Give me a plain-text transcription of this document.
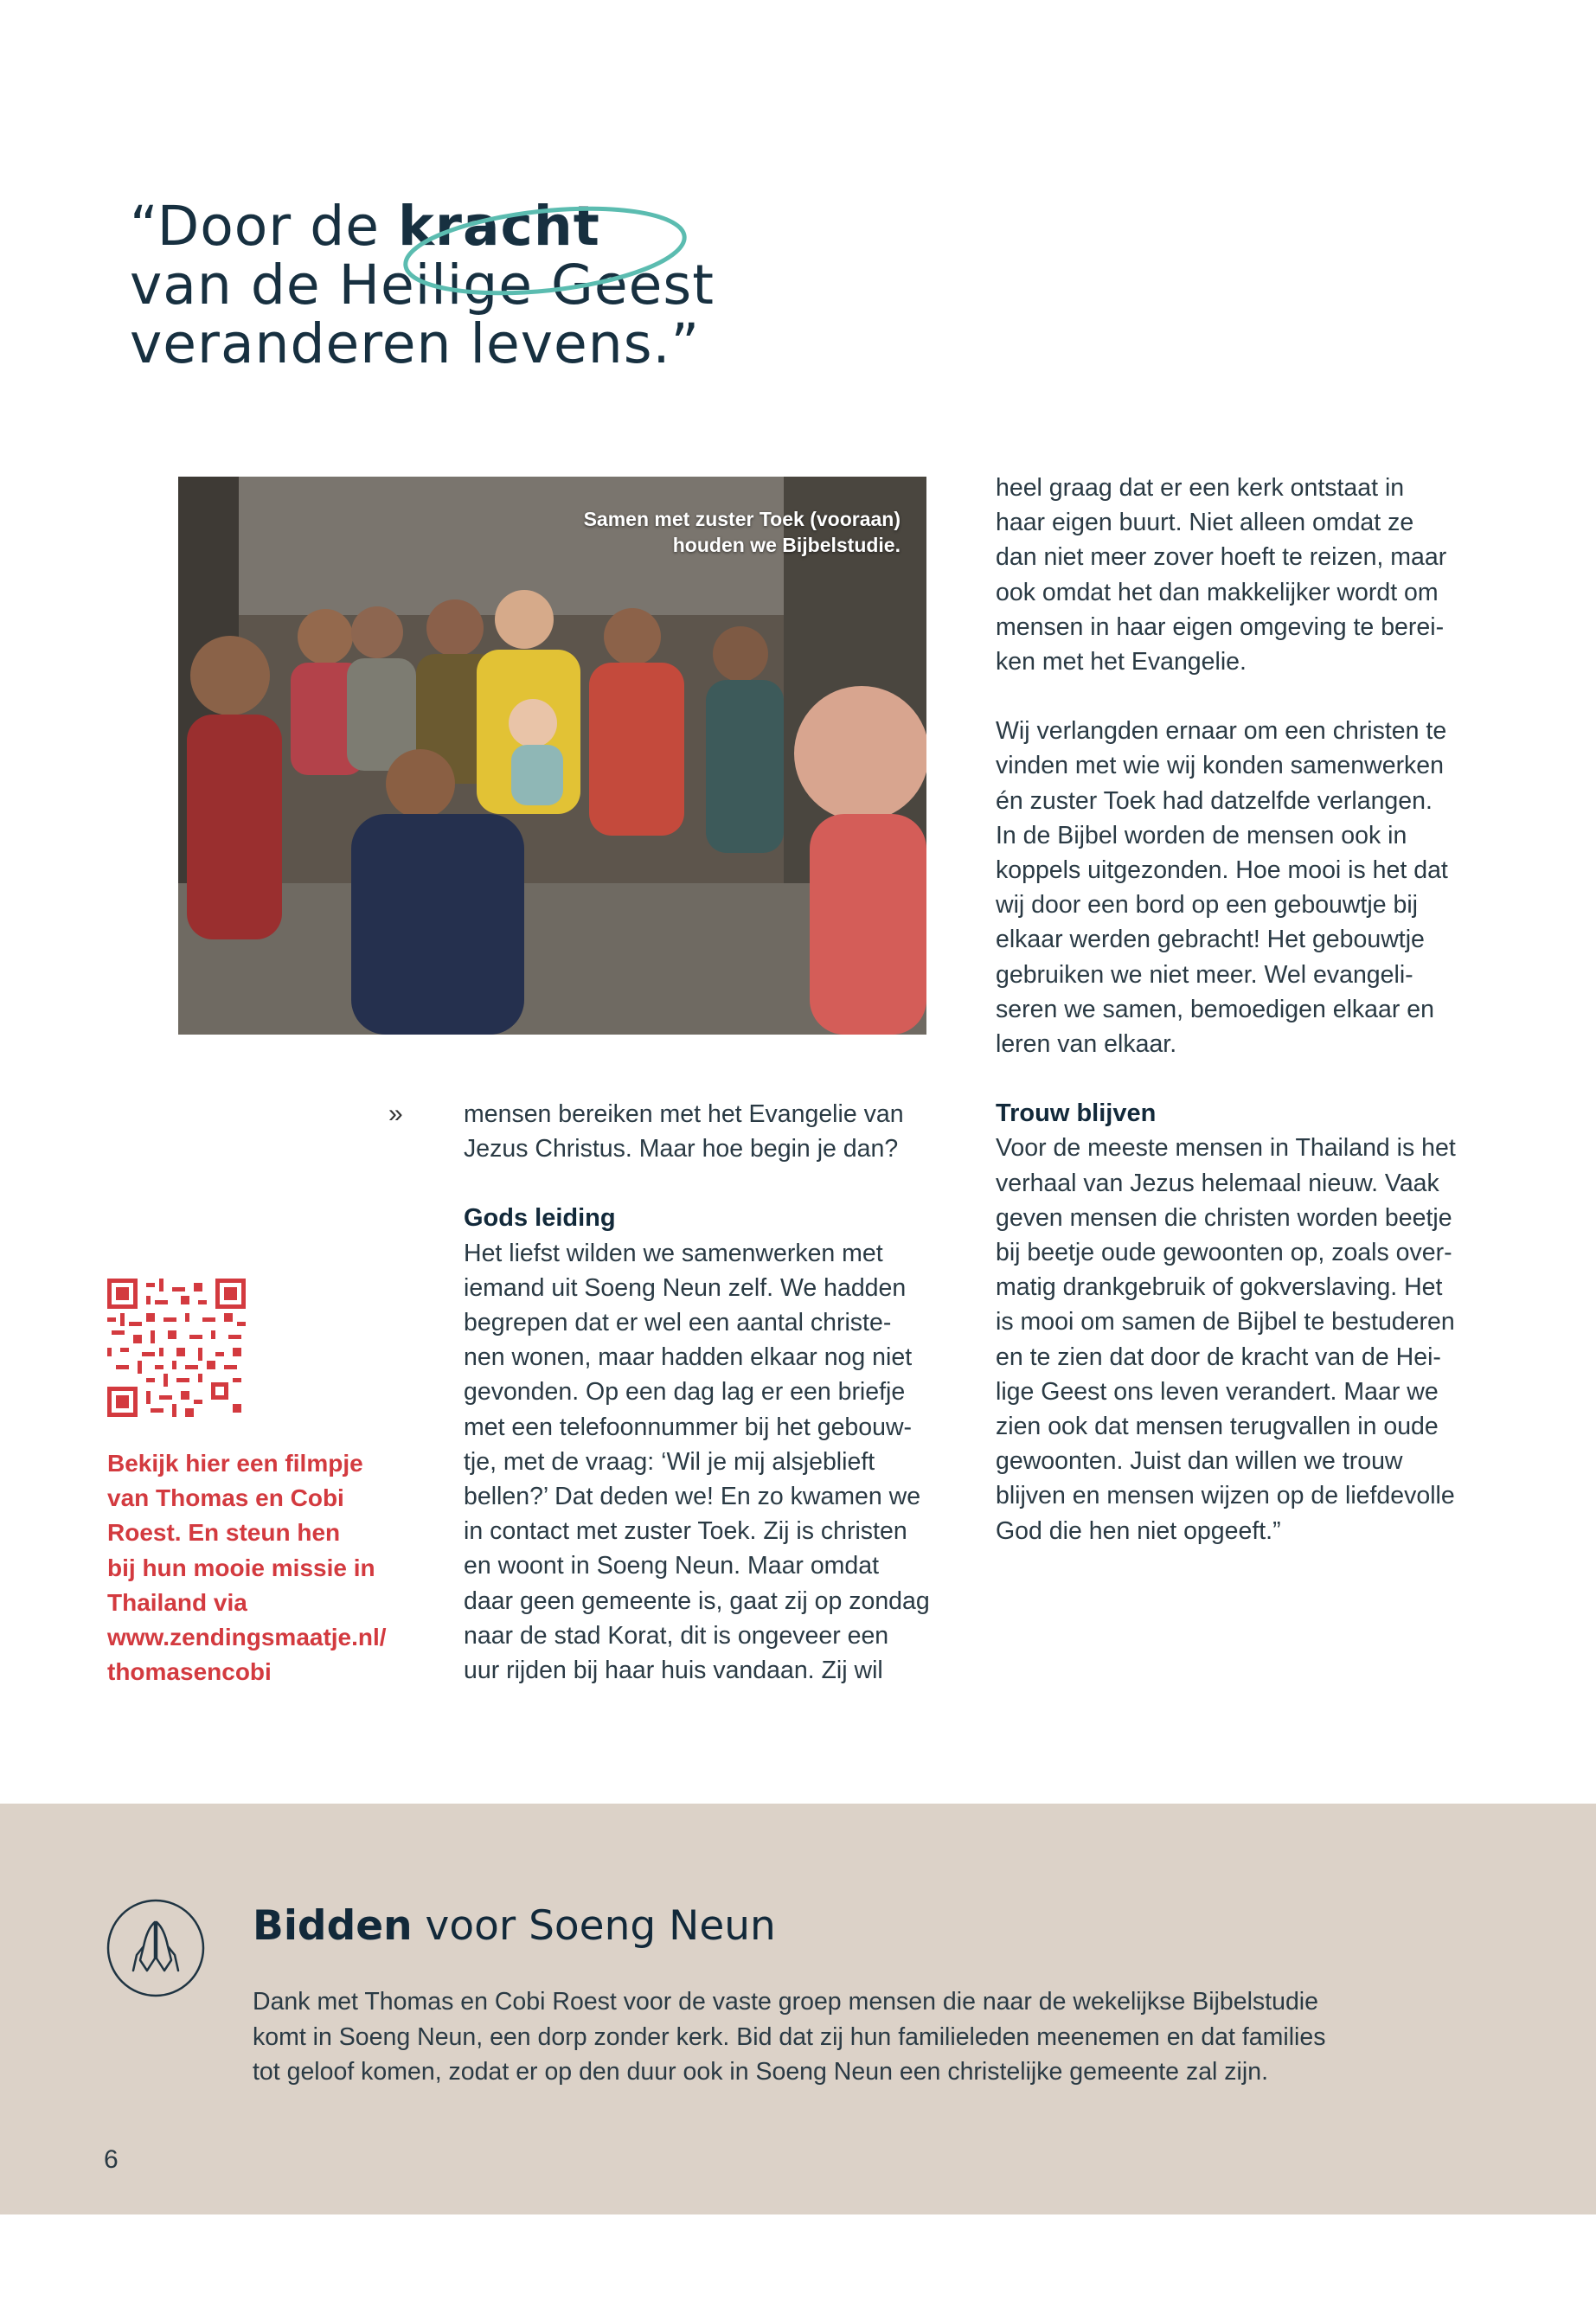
“Door de kracht
van de Heilige Geest
veranderen levens.”
Samen met zuster Toek (vooraan)
houden we Bijbelstudie.
»
Bekijk hier een filmpje
van Thomas en Cobi
Roest. En steun hen
bij hun mooie missie in
Thailand via
www.zendingsmaatje.nl/
thomasencobi

mensen bereiken met het Evangelie van

Jezus Christus. Maar hoe begin je dan?

Gods leiding

Het liefst wilden we samenwerken met

iemand uit Soeng Neun zelf. We hadden

begrepen dat er wel een aantal christe-

nen wonen, maar hadden elkaar nog niet

gevonden. Op een dag lag er een briefje

met een telefoonnummer bij het gebouw-

tje, met de vraag: ‘Wil je mij alsjeblieft

bellen?’ Dat deden we! En zo kwamen we

in contact met zuster Toek. Zij is christen

en woont in Soeng Neun. Maar omdat

daar geen gemeente is, gaat zij op zondag

naar de stad Korat, dit is ongeveer een

uur rijden bij haar huis vandaan. Zij wil

heel graag dat er een kerk ontstaat in

haar eigen buurt. Niet alleen omdat ze

dan niet meer zover hoeft te reizen, maar

ook omdat het dan makkelijker wordt om

mensen in haar eigen omgeving te berei-

ken met het Evangelie.

Wij verlangden ernaar om een christen te

vinden met wie wij konden samenwerken

én zuster Toek had datzelfde verlangen.

In de Bijbel worden de mensen ook in

koppels uitgezonden. Hoe mooi is het dat

wij door een bord op een gebouwtje bij

elkaar werden gebracht! Het gebouwtje

gebruiken we niet meer. Wel evangeli-

seren we samen, bemoedigen elkaar en

leren van elkaar.

Trouw blijven

Voor de meeste mensen in Thailand is het

verhaal van Jezus helemaal nieuw. Vaak

geven mensen die christen worden beetje

bij beetje oude gewoonten op, zoals over-

matig drankgebruik of gokverslaving. Het

is mooi om samen de Bijbel te bestuderen

en te zien dat door de kracht van de Hei-

lige Geest ons leven verandert. Maar we

zien ook dat mensen terugvallen in oude

gewoonten. Juist dan willen we trouw

blijven en mensen wijzen op de liefdevolle

God die hen niet opgeeft.”

Bidden voor Soeng Neun
Dank met Thomas en Cobi Roest voor de vaste groep mensen die naar de wekelijkse Bijbelstudie
komt in Soeng Neun, een dorp zonder kerk. Bid dat zij hun familieleden meenemen en dat families
tot geloof komen, zodat er op den duur ook in Soeng Neun een christelijke gemeente zal zijn.
6
